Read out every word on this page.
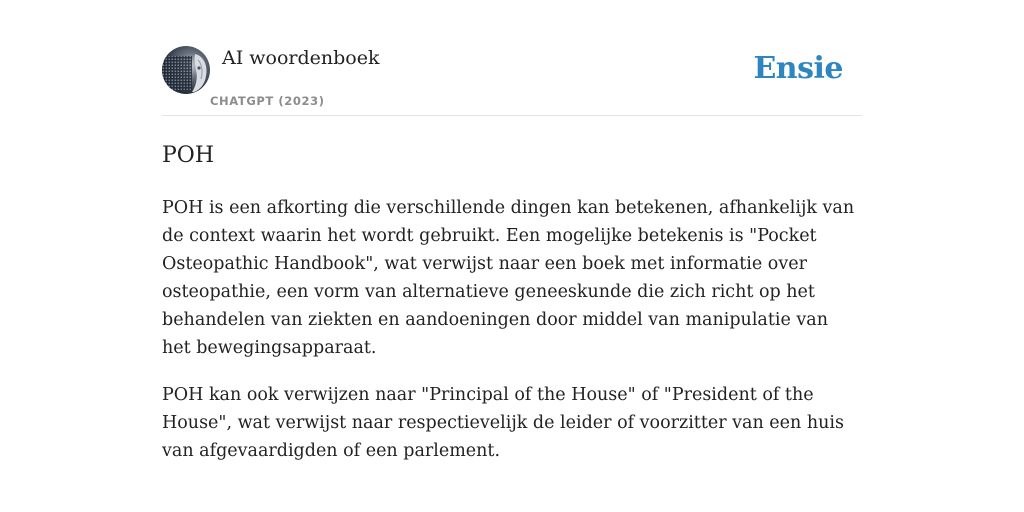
AI woordenboek
CHATGPT (2023)
Ensie
POH

POH is een afkorting die verschillende dingen kan betekenen, afhankelijk van de context waarin het wordt gebruikt. Een mogelijke betekenis is "Pocket Osteopathic Handbook", wat verwijst naar een boek met informatie over osteopathie, een vorm van alternatieve geneeskunde die zich richt op het behandelen van ziekten en aandoeningen door middel van manipulatie van het bewegingsapparaat.

POH kan ook verwijzen naar "Principal of the House" of "President of the House", wat verwijst naar respectievelijk de leider of voorzitter van een huis van afgevaardigden of een parlement.
